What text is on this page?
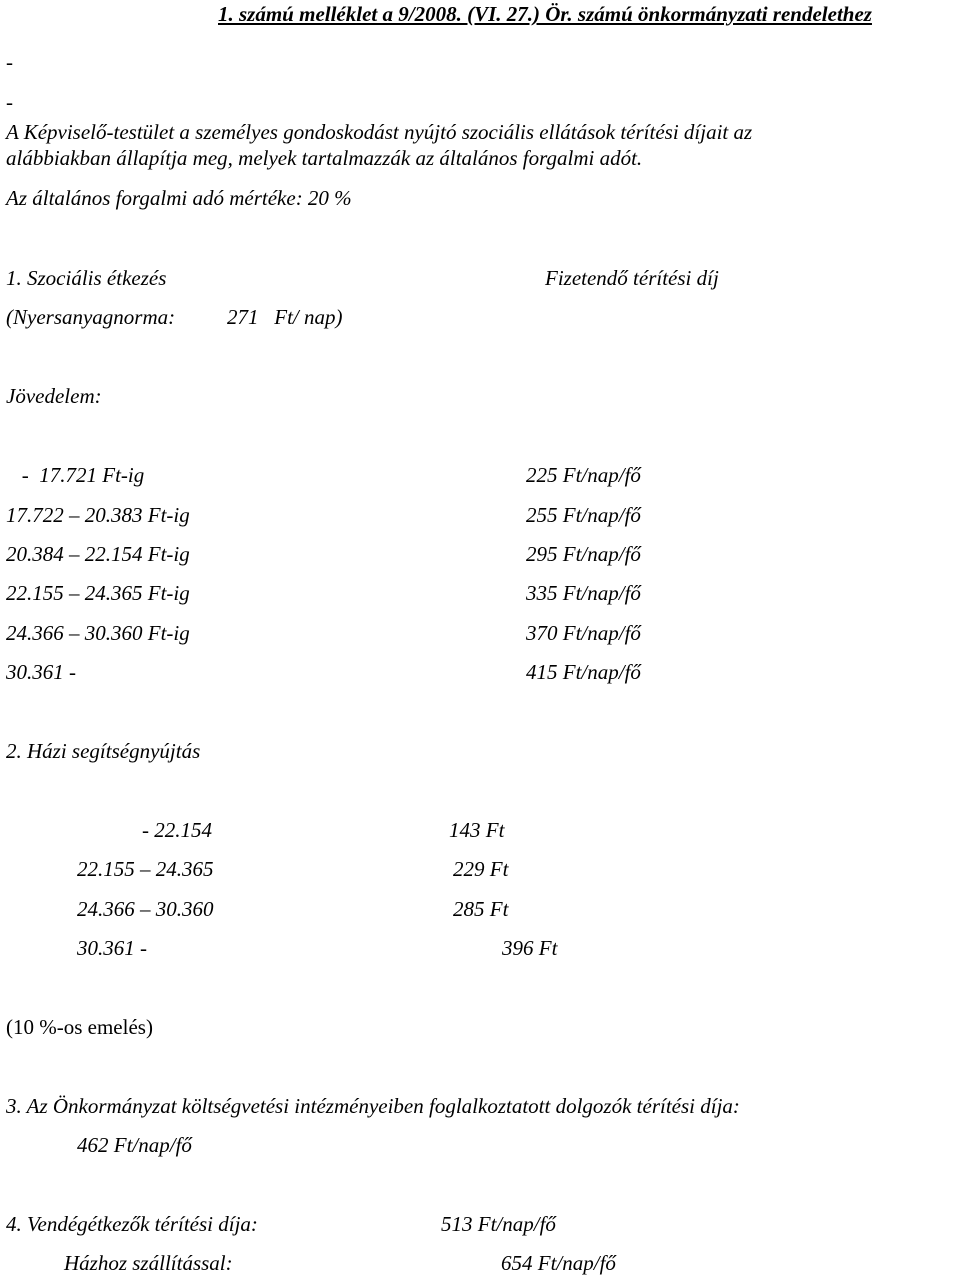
1. számú melléklet a 9/2008. (VI. 27.) Ör. számú önkormányzati rendelethez
-
-
A Képviselő-testület a személyes gondoskodást nyújtó szociális ellátások térítési díjait az
alábbiakban állapítja meg, melyek tartalmazzák az általános forgalmi adót.
Az általános forgalmi adó mértéke: 20 %
1. Szociális étkezés	Fizetendő térítési díj
(Nyersanyagnorma: 271   Ft/ nap)
Jövedelem:
-  17.721 Ft-ig	225 Ft/nap/fő
17.722 – 20.383 Ft-ig	255 Ft/nap/fő
20.384 – 22.154 Ft-ig	295 Ft/nap/fő
22.155 – 24.365 Ft-ig	335 Ft/nap/fő
24.366 – 30.360 Ft-ig	370 Ft/nap/fő
30.361 -	415 Ft/nap/fő
2. Házi segítségnyújtás
- 22.154	143 Ft
22.155 – 24.365	229 Ft
24.366 – 30.360	285 Ft
30.361 -	396 Ft
(10 %-os emelés)
3. Az Önkormányzat költségvetési intézményeiben foglalkoztatott dolgozók térítési díja:
462 Ft/nap/fő
4. Vendégétkezők térítési díja:	513 Ft/nap/fő
Házhoz szállítással:	654 Ft/nap/fő
